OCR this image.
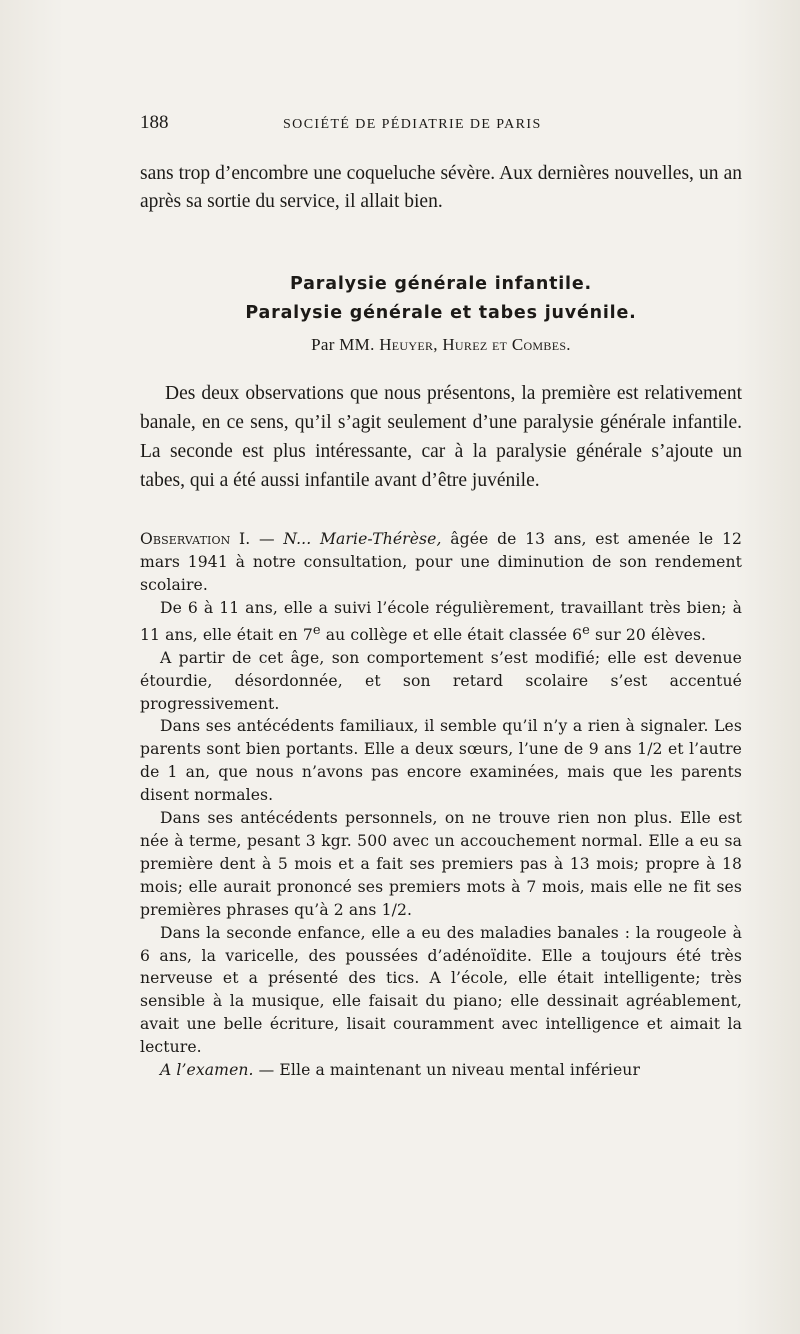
188	SOCIÉTÉ DE PÉDIATRIE DE PARIS

sans trop d’encombre une coqueluche sévère. Aux dernières nouvelles, un an après sa sortie du service, il allait bien.

Paralysie générale infantile.
Paralysie générale et tabes juvénile.
Par MM. Heuyer, Hurez et Combes.

Des deux observations que nous présentons, la première est relativement banale, en ce sens, qu’il s’agit seulement d’une paralysie générale infantile. La seconde est plus intéressante, car à la paralysie générale s’ajoute un tabes, qui a été aussi infantile avant d’être juvénile.

Observation I. — N... Marie-Thérèse, âgée de 13 ans, est amenée le 12 mars 1941 à notre consultation, pour une diminution de son rendement scolaire.

De 6 à 11 ans, elle a suivi l’école régulièrement, travaillant très bien; à 11 ans, elle était en 7e au collège et elle était classée 6e sur 20 élèves.

A partir de cet âge, son comportement s’est modifié; elle est devenue étourdie, désordonnée, et son retard scolaire s’est accentué progressivement.

Dans ses antécédents familiaux, il semble qu’il n’y a rien à signaler. Les parents sont bien portants. Elle a deux sœurs, l’une de 9 ans 1/2 et l’autre de 1 an, que nous n’avons pas encore examinées, mais que les parents disent normales.

Dans ses antécédents personnels, on ne trouve rien non plus. Elle est née à terme, pesant 3 kgr. 500 avec un accouchement normal. Elle a eu sa première dent à 5 mois et a fait ses premiers pas à 13 mois; propre à 18 mois; elle aurait prononcé ses premiers mots à 7 mois, mais elle ne fit ses premières phrases qu’à 2 ans 1/2.

Dans la seconde enfance, elle a eu des maladies banales : la rougeole à 6 ans, la varicelle, des poussées d’adénoïdite. Elle a toujours été très nerveuse et a présenté des tics. A l’école, elle était intelligente; très sensible à la musique, elle faisait du piano; elle dessinait agréablement, avait une belle écriture, lisait couramment avec intelligence et aimait la lecture.

A l’examen. — Elle a maintenant un niveau mental inférieur
